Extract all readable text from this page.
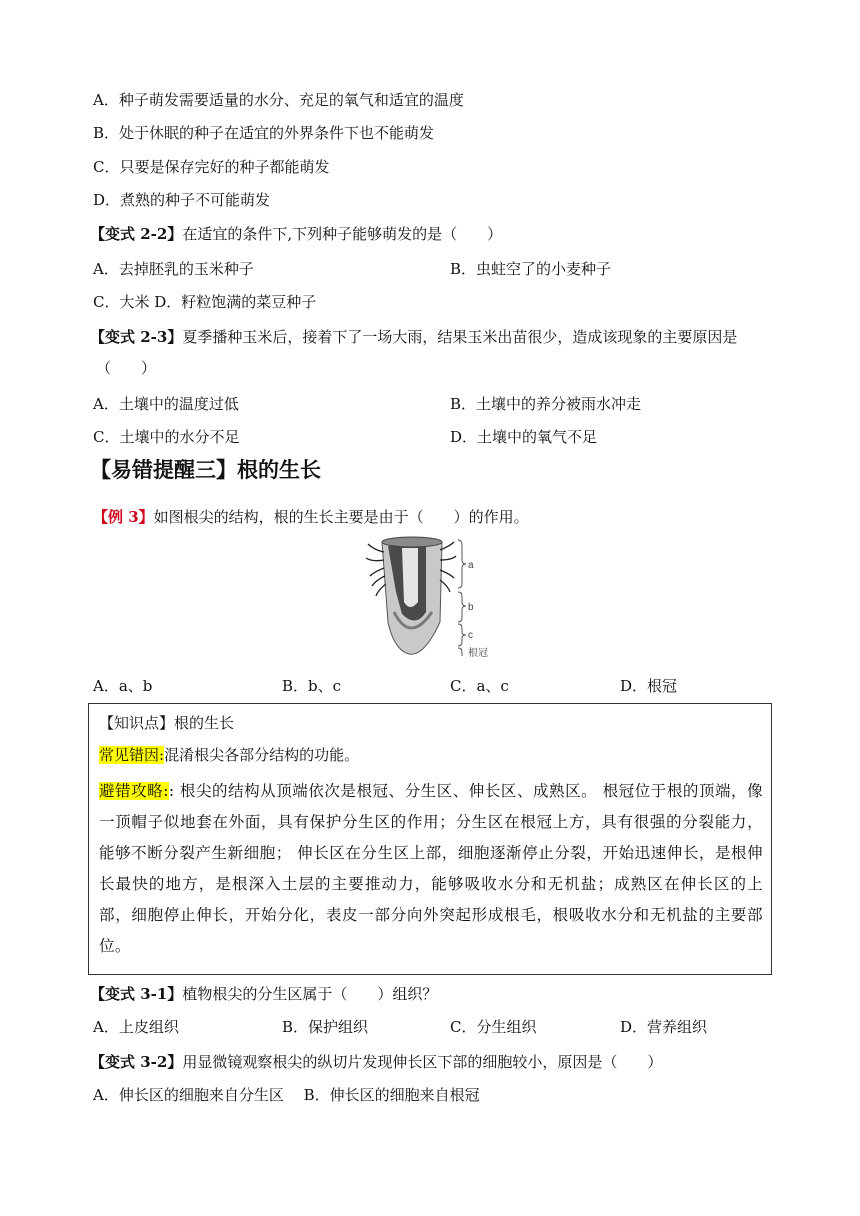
A．种子萌发需要适量的水分、充足的氧气和适宜的温度
B．处于休眠的种子在适宜的外界条件下也不能萌发
C．只要是保存完好的种子都能萌发
D．煮熟的种子不可能萌发
【变式 2-2】在适宜的条件下,下列种子能够萌发的是（　　）
A．去掉胚乳的玉米种子	B．虫蛀空了的小麦种子
C．大米 D．籽粒饱满的菜豆种子
【变式 2-3】夏季播种玉米后，接着下了一场大雨，结果玉米出苗很少，造成该现象的主要原因是
（　　）
A．土壤中的温度过低	B．土壤中的养分被雨水冲走
C．土壤中的水分不足	D．土壤中的氧气不足
【易错提醒三】根的生长
【例 3】如图根尖的结构，根的生长主要是由于（　　）的作用。
a
b
c
根冠
A．a、b	B．b、c	C．a、c	D．根冠
【知识点】根的生长
常见错因:混淆根尖各部分结构的功能。
避错攻略:: 根尖的结构从顶端依次是根冠、分生区、伸长区、成熟区。 根冠位于根的顶端，像一顶帽子似地套在外面，具有保护分生区的作用；分生区在根冠上方，具有很强的分裂能力，能够不断分裂产生新细胞； 伸长区在分生区上部，细胞逐渐停止分裂，开始迅速伸长，是根伸长最快的地方，是根深入土层的主要推动力，能够吸收水分和无机盐；成熟区在伸长区的上部，细胞停止伸长，开始分化，表皮一部分向外突起形成根毛，根吸收水分和无机盐的主要部位。
【变式 3-1】植物根尖的分生区属于（　　）组织？
A．上皮组织	B．保护组织	C．分生组织	D．营养组织
【变式 3-2】用显微镜观察根尖的纵切片发现伸长区下部的细胞较小，原因是（　　）
A．伸长区的细胞来自分生区　 B．伸长区的细胞来自根冠
